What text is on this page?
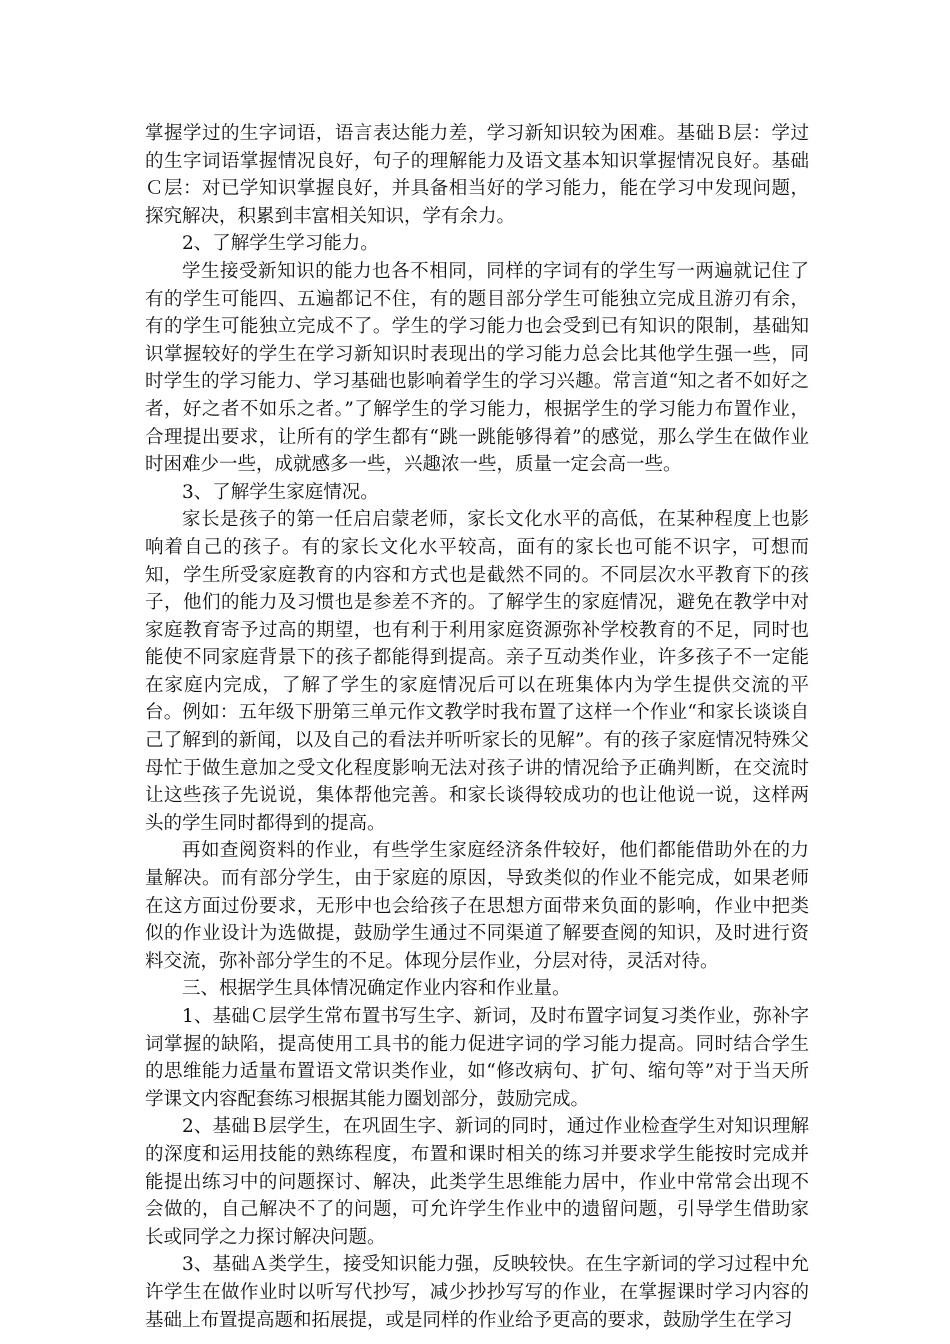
掌握学过的生字词语，语言表达能力差，学习新知识较为困难。基础Ｂ层：学过的生字词语掌握情况良好，句子的理解能力及语文基本知识掌握情况良好。基础Ｃ层：对已学知识掌握良好，并具备相当好的学习能力，能在学习中发现问题，探究解决，积累到丰富相关知识，学有余力。

2、了解学生学习能力。

学生接受新知识的能力也各不相同，同样的字词有的学生写一两遍就记住了有的学生可能四、五遍都记不住，有的题目部分学生可能独立完成且游刃有余，有的学生可能独立完成不了。学生的学习能力也会受到已有知识的限制，基础知识掌握较好的学生在学习新知识时表现出的学习能力总会比其他学生强一些，同时学生的学习能力、学习基础也影响着学生的学习兴趣。常言道“知之者不如好之者，好之者不如乐之者。”了解学生的学习能力，根据学生的学习能力布置作业，合理提出要求，让所有的学生都有“跳一跳能够得着”的感觉，那么学生在做作业时困难少一些，成就感多一些，兴趣浓一些，质量一定会高一些。

3、了解学生家庭情况。

家长是孩子的第一任启启蒙老师，家长文化水平的高低，在某种程度上也影响着自己的孩子。有的家长文化水平较高，面有的家长也可能不识字，可想而知，学生所受家庭教育的内容和方式也是截然不同的。不同层次水平教育下的孩子，他们的能力及习惯也是参差不齐的。了解学生的家庭情况，避免在教学中对家庭教育寄予过高的期望，也有利于利用家庭资源弥补学校教育的不足，同时也能使不同家庭背景下的孩子都能得到提高。亲子互动类作业，许多孩子不一定能在家庭内完成，了解了学生的家庭情况后可以在班集体内为学生提供交流的平台。例如：五年级下册第三单元作文教学时我布置了这样一个作业“和家长谈谈自己了解到的新闻，以及自己的看法并听听家长的见解”。有的孩子家庭情况特殊父母忙于做生意加之受文化程度影响无法对孩子讲的情况给予正确判断，在交流时让这些孩子先说说，集体帮他完善。和家长谈得较成功的也让他说一说，这样两头的学生同时都得到的提高。

再如查阅资料的作业，有些学生家庭经济条件较好，他们都能借助外在的力量解决。而有部分学生，由于家庭的原因，导致类似的作业不能完成，如果老师在这方面过份要求，无形中也会给孩子在思想方面带来负面的影响，作业中把类似的作业设计为选做提，鼓励学生通过不同渠道了解要查阅的知识，及时进行资料交流，弥补部分学生的不足。体现分层作业，分层对待，灵活对待。

三、根据学生具体情况确定作业内容和作业量。

1、基础Ｃ层学生常布置书写生字、新词，及时布置字词复习类作业，弥补字词掌握的缺陷，提高使用工具书的能力促进字词的学习能力提高。同时结合学生的思维能力适量布置语文常识类作业，如“修改病句、扩句、缩句等”对于当天所学课文内容配套练习根据其能力圈划部分，鼓励完成。

2、基础Ｂ层学生，在巩固生字、新词的同时，通过作业检查学生对知识理解的深度和运用技能的熟练程度，布置和课时相关的练习并要求学生能按时完成并能提出练习中的问题探讨、解决，此类学生思维能力居中，作业中常常会出现不会做的，自己解决不了的问题，可允许学生作业中的遗留问题，引导学生借助家长或同学之力探讨解决问题。

3、基础Ａ类学生，接受知识能力强，反映较快。在生字新词的学习过程中允许学生在做作业时以听写代抄写，减少抄抄写写的作业，在掌握课时学习内容的基础上布置提高题和拓展提，或是同样的作业给予更高的要求，鼓励学生在学习
